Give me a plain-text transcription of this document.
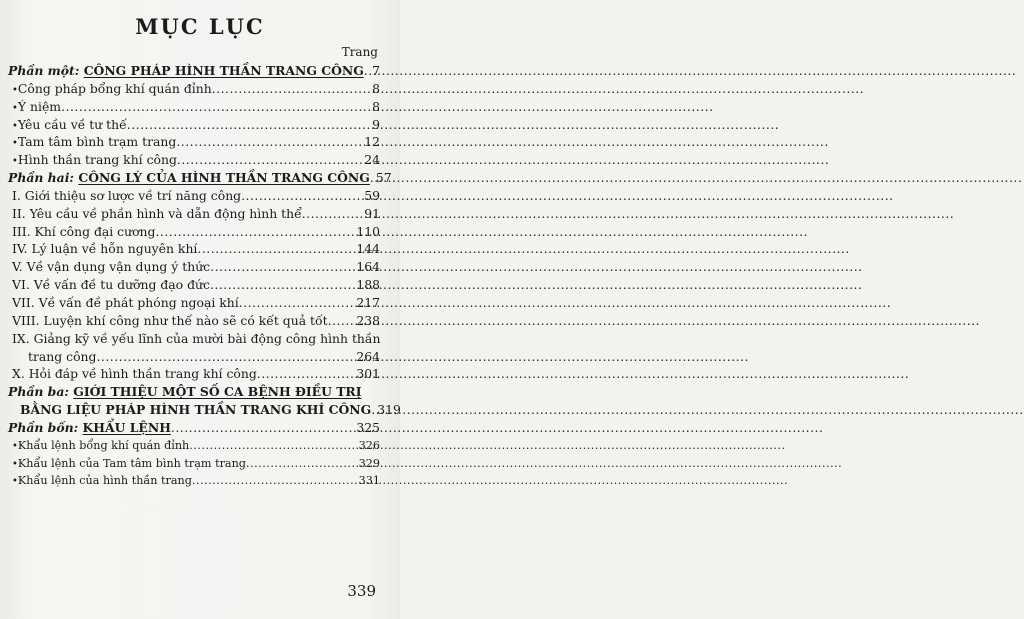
MỤC LỤC
Trang
Phần một: CÔNG PHÁP HÌNH THẦN TRANG CÔNG ..... 7
• Công pháp bổng khí quán đỉnh .....	8
• Ý niệm .....	8
• Yêu cầu về tư thế .....	9
• Tam tâm bình trạm trang .....	12
• Hình thần trang khí công .....	24
Phần hai: CÔNG LÝ CỦA HÌNH THẦN TRANG CÔNG ..... 57
I. Giới thiệu sơ lược về trí năng công .....	59
II. Yêu cầu về phần hình và dẫn động hình thể .....	91
III. Khí công đại cương .....	110
IV. Lý luận về hỗn nguyên khí .....	144
V. Về vận dụng vận dụng ý thức .....	164
VI. Về vấn đề tu dưỡng đạo đức .....	188
VII. Về vấn đề phát phóng ngoại khí .....	217
VIII. Luyện khí công như thế nào sẽ có kết quả tốt ..... 238
IX. Giảng kỹ về yếu lĩnh của mười bài động công hình thần
trang công .....	264
X. Hỏi đáp về hình thần trang khí công .....	301
Phần ba: GIỚI THIỆU MỘT SỐ CA BỆNH ĐIỀU TRỊ
BẰNG LIỆU PHÁP HÌNH THẦN TRANG KHÍ CÔNG ..... 319
Phần bốn: KHẨU LỆNH .....	325
• Khẩu lệnh bổng khí quán đỉnh .....	326
• Khẩu lệnh của Tam tâm bình trạm trang .....	329
• Khẩu lệnh của hình thần trang .....	331
339
